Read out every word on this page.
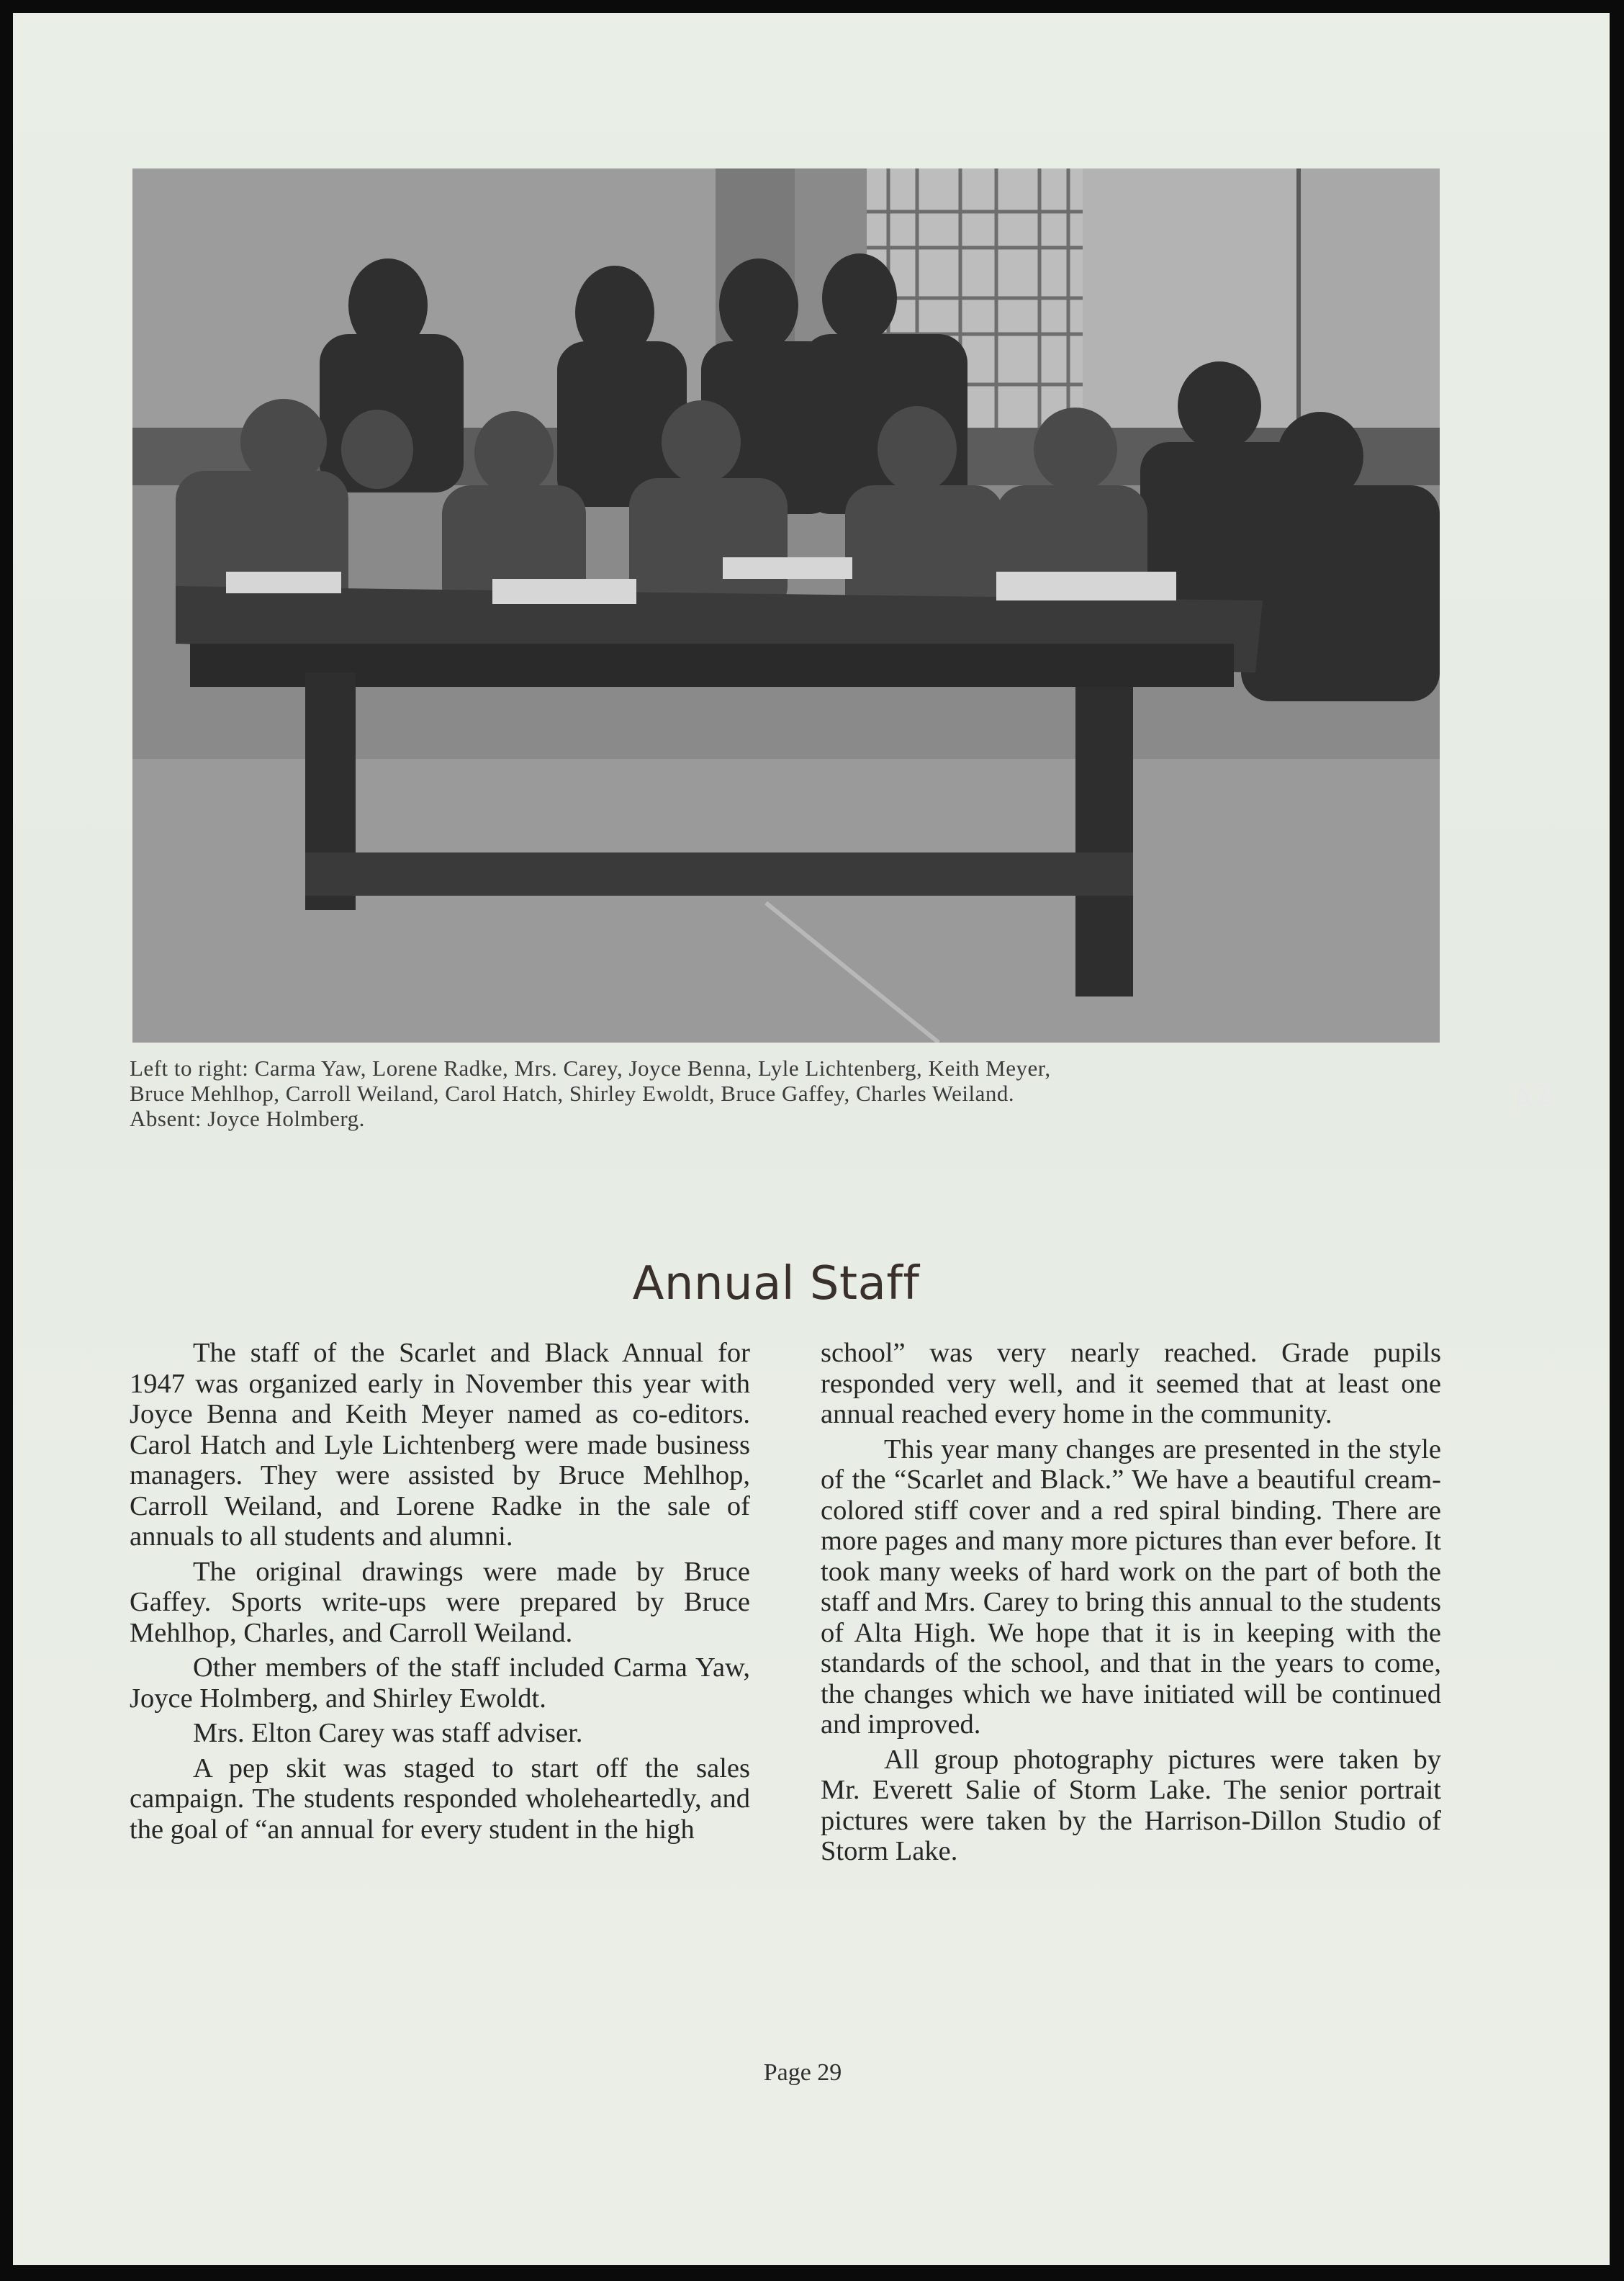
A2
Left to right: Carma Yaw, Lorene Radke, Mrs. Carey, Joyce Benna, Lyle Lichtenberg, Keith Meyer,
Bruce Mehlhop, Carroll Weiland, Carol Hatch, Shirley Ewoldt, Bruce Gaffey, Charles Weiland.
Absent: Joyce Holmberg.
Annual Staff

The staff of the Scarlet and Black Annual for 1947 was organized early in November this year with Joyce Benna and Keith Meyer named as co-editors. Carol Hatch and Lyle Lichtenberg were made business managers. They were assisted by Bruce Mehlhop, Carroll Weiland, and Lorene Radke in the sale of annuals to all students and alumni.

The original drawings were made by Bruce Gaffey. Sports write-ups were prepared by Bruce Mehlhop, Charles, and Carroll Weiland.

Other members of the staff included Carma Yaw, Joyce Holmberg, and Shirley Ewoldt.

Mrs. Elton Carey was staff adviser.

A pep skit was staged to start off the sales campaign. The students responded wholeheartedly, and the goal of “an annual for every student in the high

school” was very nearly reached. Grade pupils responded very well, and it seemed that at least one annual reached every home in the community.

This year many changes are presented in the style of the “Scarlet and Black.” We have a beautiful cream-colored stiff cover and a red spiral binding. There are more pages and many more pictures than ever before. It took many weeks of hard work on the part of both the staff and Mrs. Carey to bring this annual to the students of Alta High. We hope that it is in keeping with the standards of the school, and that in the years to come, the changes which we have initiated will be continued and improved.

All group photography pictures were taken by Mr. Everett Salie of Storm Lake. The senior portrait pictures were taken by the Harrison-Dillon Studio of Storm Lake.

Page 29
